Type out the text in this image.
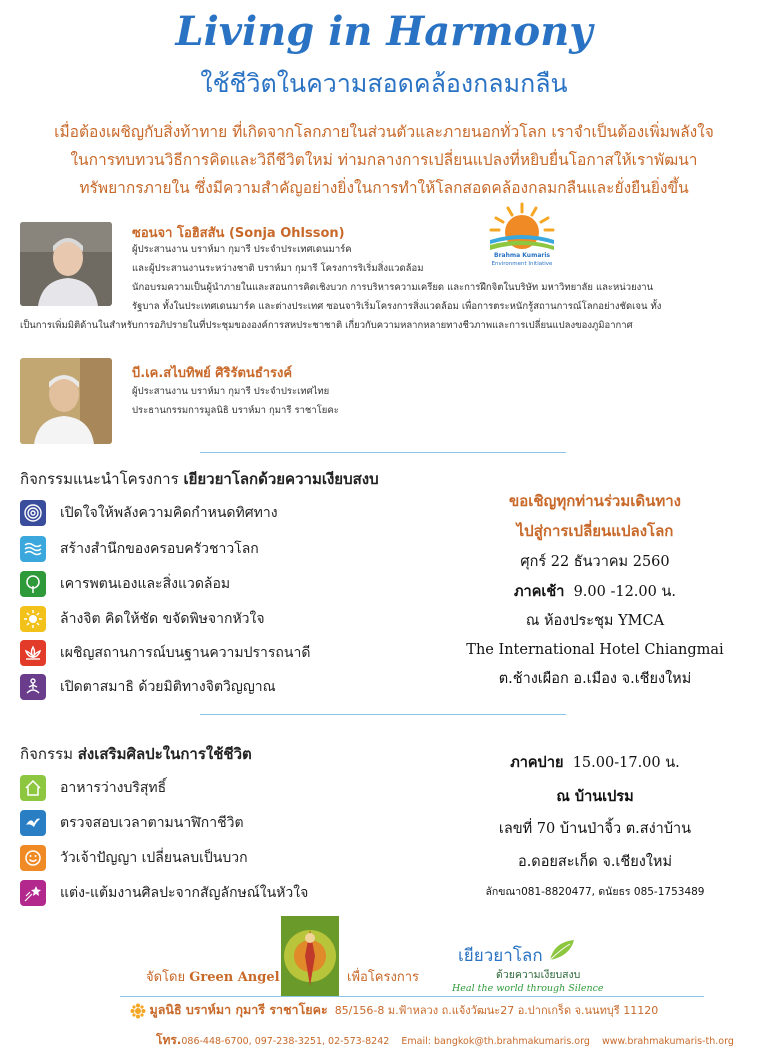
Living in Harmony
ใช้ชีวิตในความสอดคล้องกลมกลืน
เมื่อต้องเผชิญกับสิ่งท้าทาย ที่เกิดจากโลกภายในส่วนตัวและภายนอกทั่วโลก เราจำเป็นต้องเพิ่มพลังใจ
ในการทบทวนวิธีการคิดและวิถีชีวิตใหม่ ท่ามกลางการเปลี่ยนแปลงที่หยิบยื่นโอกาสให้เราพัฒนา
ทรัพยากรภายใน ซึ่งมีความสำคัญอย่างยิ่งในการทำให้โลกสอดคล้องกลมกลืนและยั่งยืนยิ่งขึ้น
ซอนจา โอฮิสสัน (Sonja Ohlsson)
ผู้ประสานงาน บราห์มา กุมารี ประจำประเทศเดนมาร์ค
และผู้ประสานงานระหว่างชาติ บราห์มา กุมารี โครงการริเริ่มสิ่งแวดล้อม
Brahma Kumaris
Environment Initiative
นักอบรมความเป็นผู้นำภายในและสอนการคิดเชิงบวก การบริหารความเครียด และการฝึกจิตในบริษัท มหาวิทยาลัย และหน่วยงาน
รัฐบาล ทั้งในประเทศเดนมาร์ค และต่างประเทศ ซอนจาริเริ่มโครงการสิ่งแวดล้อม เพื่อการตระหนักรู้สถานการณ์โลกอย่างชัดเจน ทั้ง
เป็นการเพิ่มมิติด้านในสำหรับการอภิปรายในที่ประชุมขององค์การสหประชาชาติ เกี่ยวกับความหลากหลายทางชีวภาพและการเปลี่ยนแปลงของภูมิอากาศ
บี.เค.สไบทิพย์ ศิริรัตนธำรงค์
ผู้ประสานงาน บราห์มา กุมารี ประจำประเทศไทย
ประธานกรรมการมูลนิธิ บราห์มา กุมารี ราชาโยคะ
กิจกรรมแนะนำโครงการ เยียวยาโลกด้วยความเงียบสงบ
เปิดใจให้พลังความคิดกำหนดทิศทาง
สร้างสำนึกของครอบครัวชาวโลก
เคารพตนเองและสิ่งแวดล้อม
ล้างจิต คิดให้ชัด ขจัดพิษจากหัวใจ
เผชิญสถานการณ์บนฐานความปรารถนาดี
เปิดตาสมาธิ ด้วยมิติทางจิตวิญญาณ
ขอเชิญทุกท่านร่วมเดินทาง
ไปสู่การเปลี่ยนแปลงโลก
ศุกร์ 22 ธันวาคม 2560
ภาคเช้า 9.00 -12.00 น.
ณ ห้องประชุม YMCA
The International Hotel Chiangmai
ต.ช้างเผือก อ.เมือง จ.เชียงใหม่
กิจกรรม ส่งเสริมศิลปะในการใช้ชีวิต
อาหารว่างบริสุทธิ์
ตรวจสอบเวลาตามนาฬิกาชีวิต
วัวเจ้าปัญญา เปลี่ยนลบเป็นบวก
แต่ง-แต้มงานศิลปะจากสัญลักษณ์ในหัวใจ
ภาคบ่าย 15.00-17.00 น.
ณ บ้านเปรม
เลขที่ 70 บ้านป่าจิ้ว ต.สง่าบ้าน
อ.ดอยสะเก็ด จ.เชียงใหม่
ลักขณา081-8820477, ดนัยธร 085-1753489
จัดโดย Green Angel	เพื่อโครงการ
เยียวยาโลก
ด้วยความเงียบสงบ
Heal the world through Silence
มูลนิธิ บราห์มา กุมารี ราชาโยคะ 85/156-8 ม.ฟ้าหลวง ถ.แจ้งวัฒนะ27 อ.ปากเกร็ด จ.นนทบุรี 11120
โทร.086-448-6700, 097-238-3251, 02-573-8242 Email: bangkok@th.brahmakumaris.org www.brahmakumaris-th.org
